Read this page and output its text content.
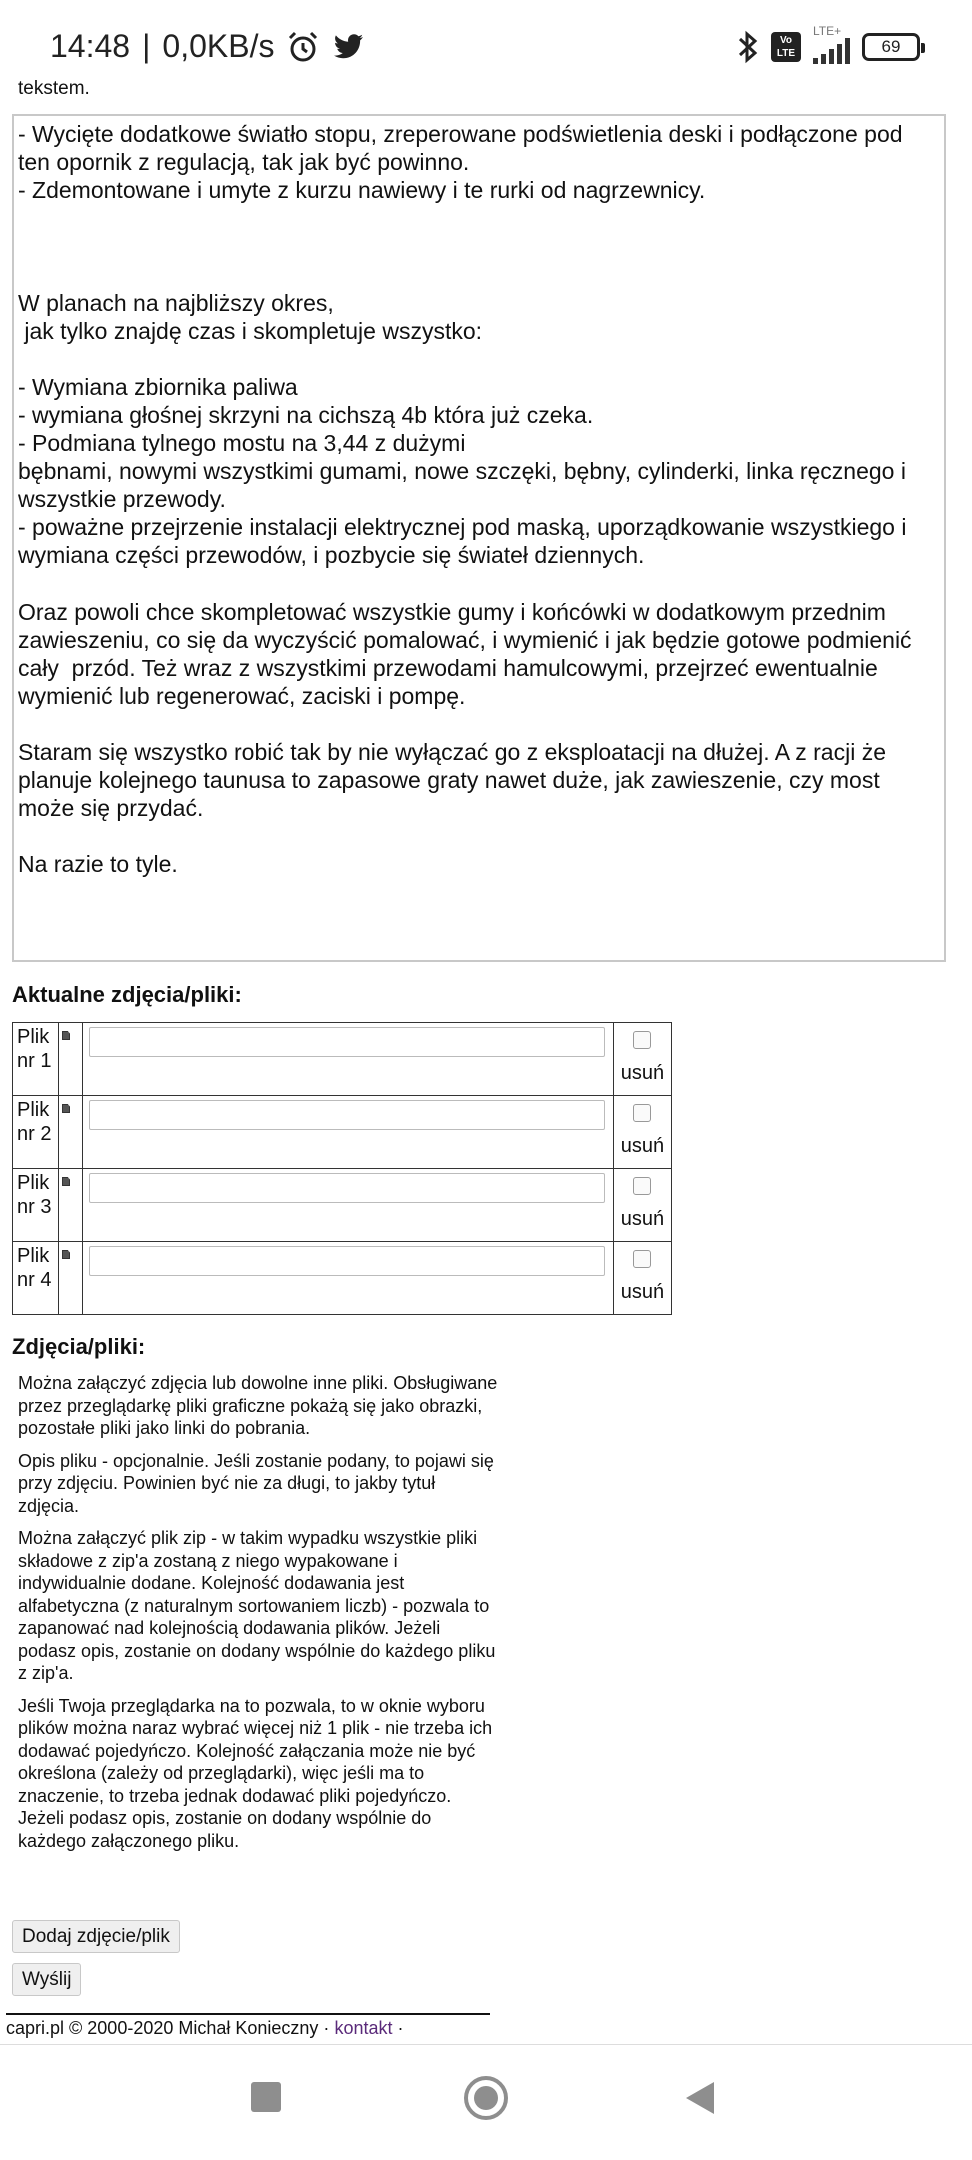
14:48 | 0,0KB/s	Vo LTE
LTE+
69
tekstem.
- Wycięte dodatkowe światło stopu, zreperowane podświetlenia deski i podłączone pod ten opornik z regulacją, tak jak być powinno.
- Zdemontowane i umyte z kurzu nawiewy i te rurki od nagrzewnicy.

W planach na najbliższy okres,
jak tylko znajdę czas i skompletuje wszystko:

- Wymiana zbiornika paliwa
- wymiana głośnej skrzyni na cichszą 4b która już czeka.
- Podmiana tylnego mostu na 3,44 z dużymi
bębnami, nowymi wszystkimi gumami, nowe szczęki, bębny, cylinderki, linka ręcznego i wszystkie przewody.
- poważne przejrzenie instalacji elektrycznej pod maską, uporządkowanie wszystkiego i wymiana części przewodów, i pozbycie się świateł dziennych.

Oraz powoli chce skompletować wszystkie gumy i końcówki w dodatkowym przednim zawieszeniu, co się da wyczyścić pomalować, i wymienić i jak będzie gotowe podmienić cały  przód. Też wraz z wszystkimi przewodami hamulcowymi, przejrzeć ewentualnie wymienić lub regenerować, zaciski i pompę.

Staram się wszystko robić tak by nie wyłączać go z eksploatacji na dłużej. A z racji że planuje kolejnego taunusa to zapasowe graty nawet duże, jak zawieszenie, czy most może się przydać.

Na razie to tyle.
Aktualne zdjęcia/pliki:
Plik nr 1			usuń

Plik nr 2			usuń

Plik nr 3			usuń

Plik nr 4			usuń
Zdjęcia/pliki:

Można załączyć zdjęcia lub dowolne inne pliki. Obsługiwane przez przeglądarkę pliki graficzne pokażą się jako obrazki, pozostałe pliki jako linki do pobrania.

Opis pliku - opcjonalnie. Jeśli zostanie podany, to pojawi się przy zdjęciu. Powinien być nie za długi, to jakby tytuł zdjęcia.

Można załączyć plik zip - w takim wypadku wszystkie pliki składowe z zip'a zostaną z niego wypakowane i indywidualnie dodane. Kolejność dodawania jest alfabetyczna (z naturalnym sortowaniem liczb) - pozwala to zapanować nad kolejnością dodawania plików. Jeżeli podasz opis, zostanie on dodany wspólnie do każdego pliku z zip'a.

Jeśli Twoja przeglądarka na to pozwala, to w oknie wyboru plików można naraz wybrać więcej niż 1 plik - nie trzeba ich dodawać pojedyńczo. Kolejność załączania może nie być określona (zależy od przeglądarki), więc jeśli ma to znaczenie, to trzeba jednak dodawać pliki pojedyńczo. Jeżeli podasz opis, zostanie on dodany wspólnie do każdego załączonego pliku.

Dodaj zdjęcie/plik
Wyślij
capri.pl © 2000-2020 Michał Konieczny · kontakt ·
